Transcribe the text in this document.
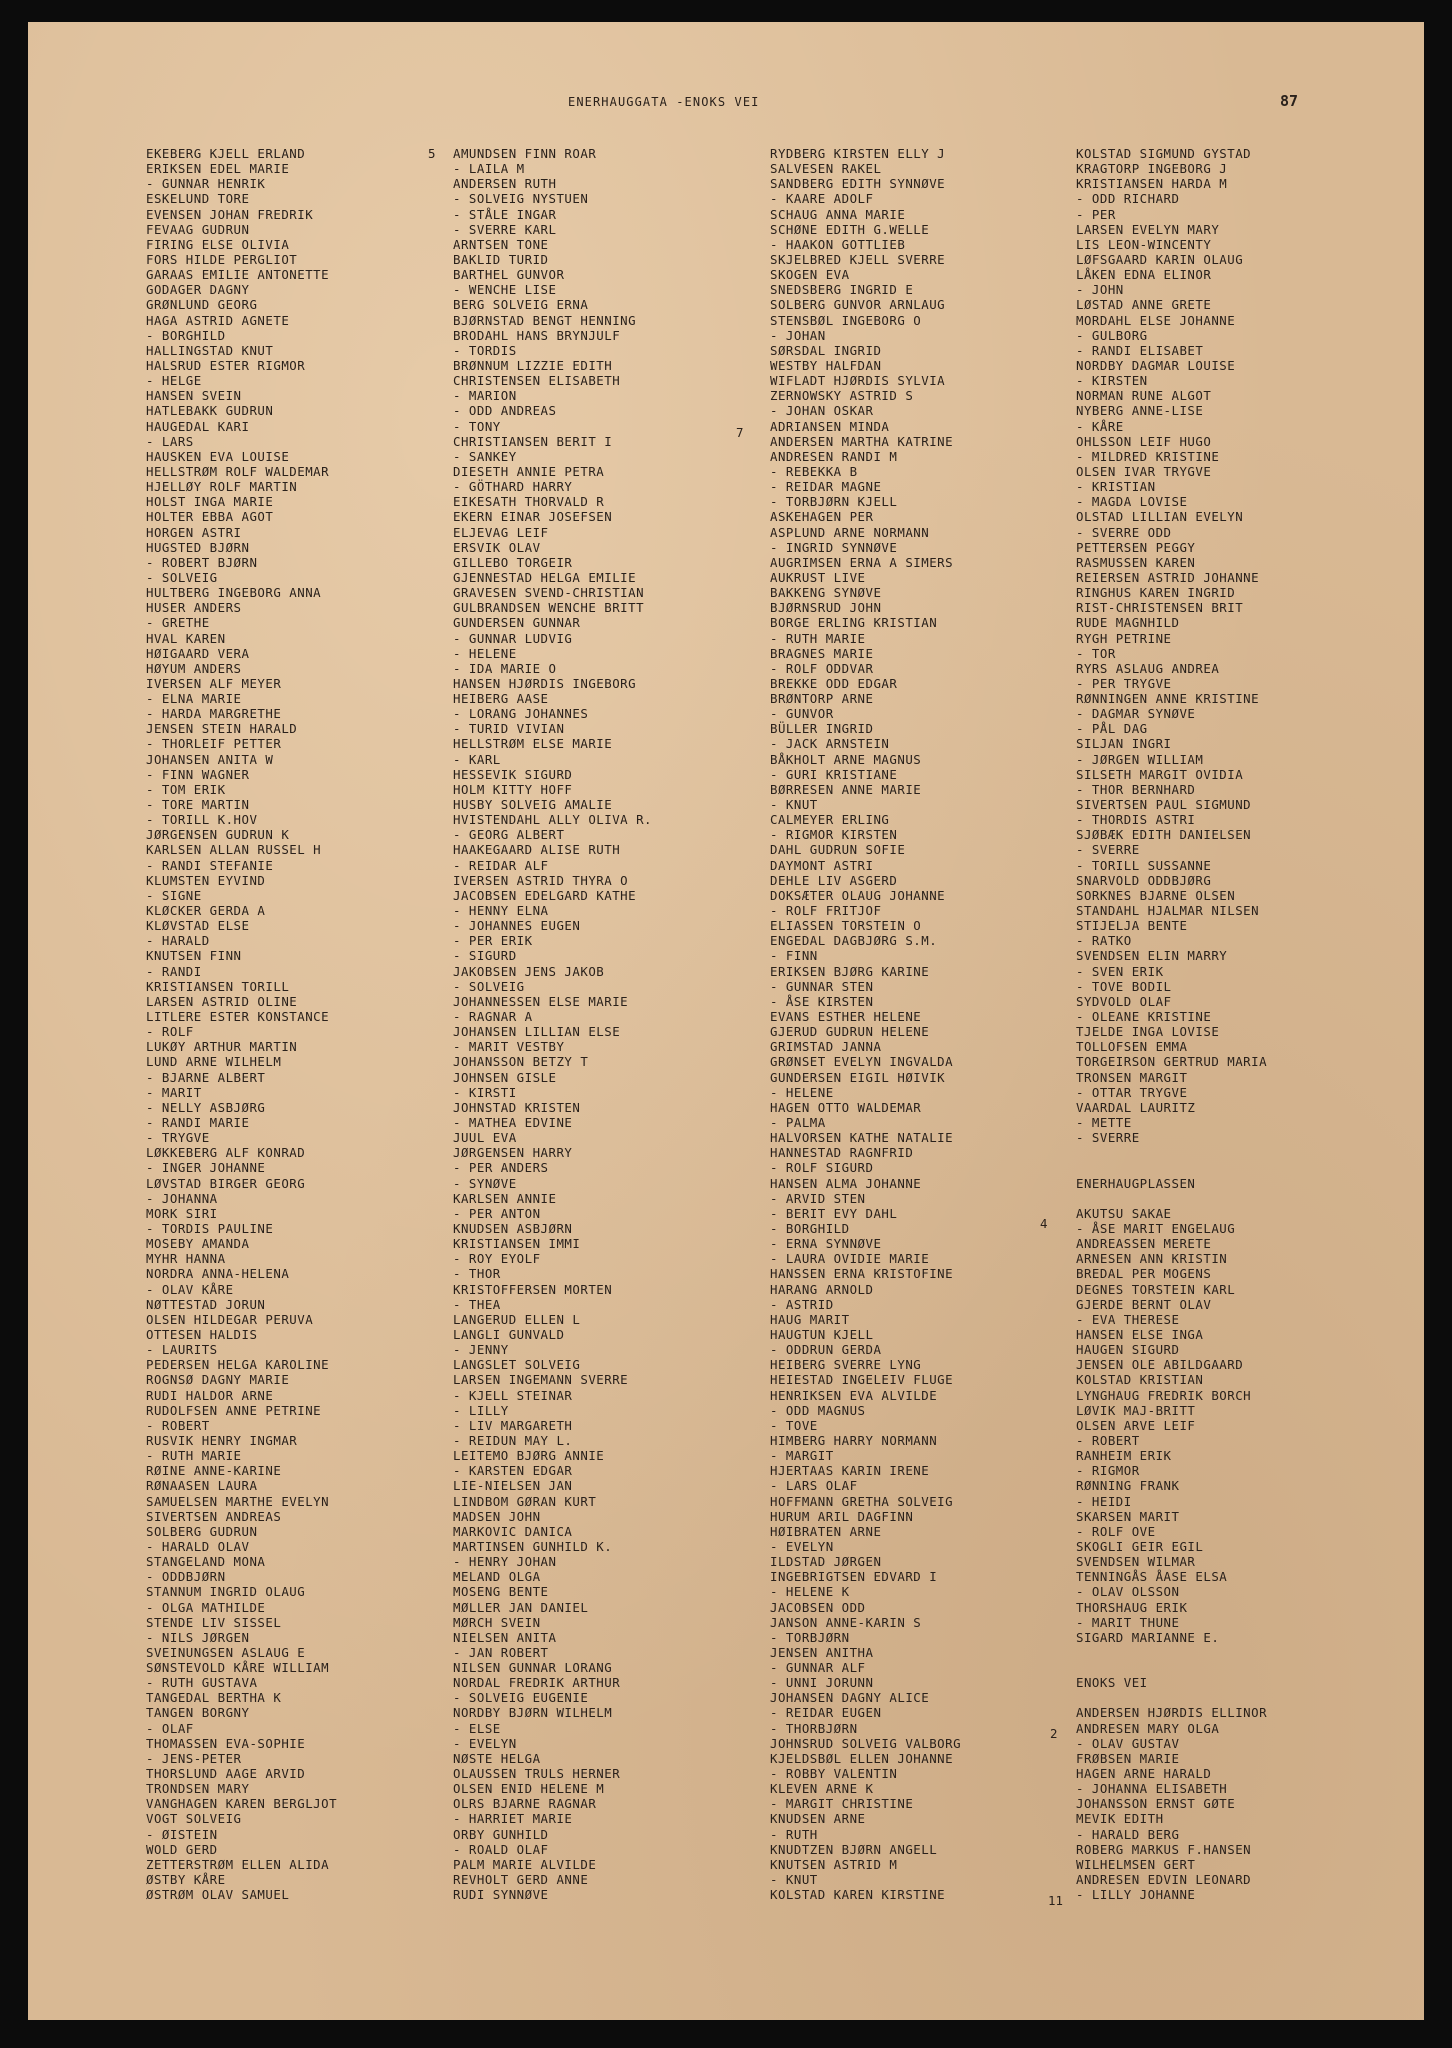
ENERHAUGGATA -ENOKS VEI	87
5
7
4
2
11
EKEBERG KJELL ERLAND
ERIKSEN EDEL MARIE
- GUNNAR HENRIK
ESKELUND TORE
EVENSEN JOHAN FREDRIK
FEVAAG GUDRUN
FIRING ELSE OLIVIA
FORS HILDE PERGLIOT
GARAAS EMILIE ANTONETTE
GODAGER DAGNY
GRØNLUND GEORG
HAGA ASTRID AGNETE
- BORGHILD
HALLINGSTAD KNUT
HALSRUD ESTER RIGMOR
- HELGE
HANSEN SVEIN
HATLEBAKK GUDRUN
HAUGEDAL KARI
- LARS
HAUSKEN EVA LOUISE
HELLSTRØM ROLF WALDEMAR
HJELLØY ROLF MARTIN
HOLST INGA MARIE
HOLTER EBBA AGOT
HORGEN ASTRI
HUGSTED BJØRN
- ROBERT BJØRN
- SOLVEIG
HULTBERG INGEBORG ANNA
HUSER ANDERS
- GRETHE
HVAL KAREN
HØIGAARD VERA
HØYUM ANDERS
IVERSEN ALF MEYER
- ELNA MARIE
- HARDA MARGRETHE
JENSEN STEIN HARALD
- THORLEIF PETTER
JOHANSEN ANITA W
- FINN WAGNER
- TOM ERIK
- TORE MARTIN
- TORILL K.HOV
JØRGENSEN GUDRUN K
KARLSEN ALLAN RUSSEL H
- RANDI STEFANIE
KLUMSTEN EYVIND
- SIGNE
KLØCKER GERDA A
KLØVSTAD ELSE
- HARALD
KNUTSEN FINN
- RANDI
KRISTIANSEN TORILL
LARSEN ASTRID OLINE
LITLERE ESTER KONSTANCE
- ROLF
LUKØY ARTHUR MARTIN
LUND ARNE WILHELM
- BJARNE ALBERT
- MARIT
- NELLY ASBJØRG
- RANDI MARIE
- TRYGVE
LØKKEBERG ALF KONRAD
- INGER JOHANNE
LØVSTAD BIRGER GEORG
- JOHANNA
MORK SIRI
- TORDIS PAULINE
MOSEBY AMANDA
MYHR HANNA
NORDRA ANNA-HELENA
- OLAV KÅRE
NØTTESTAD JORUN
OLSEN HILDEGAR PERUVA
OTTESEN HALDIS
- LAURITS
PEDERSEN HELGA KAROLINE
ROGNSØ DAGNY MARIE
RUDI HALDOR ARNE
RUDOLFSEN ANNE PETRINE
- ROBERT
RUSVIK HENRY INGMAR
- RUTH MARIE
RØINE ANNE-KARINE
RØNAASEN LAURA
SAMUELSEN MARTHE EVELYN
SIVERTSEN ANDREAS
SOLBERG GUDRUN
- HARALD OLAV
STANGELAND MONA
- ODDBJØRN
STANNUM INGRID OLAUG
- OLGA MATHILDE
STENDE LIV SISSEL
- NILS JØRGEN
SVEINUNGSEN ASLAUG E
SØNSTEVOLD KÅRE WILLIAM
- RUTH GUSTAVA
TANGEDAL BERTHA K
TANGEN BORGNY
- OLAF
THOMASSEN EVA-SOPHIE
- JENS-PETER
THORSLUND AAGE ARVID
TRONDSEN MARY
VANGHAGEN KAREN BERGLJOT
VOGT SOLVEIG
- ØISTEIN
WOLD GERD
ZETTERSTRØM ELLEN ALIDA
ØSTBY KÅRE
ØSTRØM OLAV SAMUEL
AMUNDSEN FINN ROAR
- LAILA M
ANDERSEN RUTH
- SOLVEIG NYSTUEN
- STÅLE INGAR
- SVERRE KARL
ARNTSEN TONE
BAKLID TURID
BARTHEL GUNVOR
- WENCHE LISE
BERG SOLVEIG ERNA
BJØRNSTAD BENGT HENNING
BRODAHL HANS BRYNJULF
- TORDIS
BRØNNUM LIZZIE EDITH
CHRISTENSEN ELISABETH
- MARION
- ODD ANDREAS
- TONY
CHRISTIANSEN BERIT I
- SANKEY
DIESETH ANNIE PETRA
- GÖTHARD HARRY
EIKESATH THORVALD R
EKERN EINAR JOSEFSEN
ELJEVAG LEIF
ERSVIK OLAV
GILLEBO TORGEIR
GJENNESTAD HELGA EMILIE
GRAVESEN SVEND-CHRISTIAN
GULBRANDSEN WENCHE BRITT
GUNDERSEN GUNNAR
- GUNNAR LUDVIG
- HELENE
- IDA MARIE O
HANSEN HJØRDIS INGEBORG
HEIBERG AASE
- LORANG JOHANNES
- TURID VIVIAN
HELLSTRØM ELSE MARIE
- KARL
HESSEVIK SIGURD
HOLM KITTY HOFF
HUSBY SOLVEIG AMALIE
HVISTENDAHL ALLY OLIVA R.
- GEORG ALBERT
HAAKEGAARD ALISE RUTH
- REIDAR ALF
IVERSEN ASTRID THYRA O
JACOBSEN EDELGARD KATHE
- HENNY ELNA
- JOHANNES EUGEN
- PER ERIK
- SIGURD
JAKOBSEN JENS JAKOB
- SOLVEIG
JOHANNESSEN ELSE MARIE
- RAGNAR A
JOHANSEN LILLIAN ELSE
- MARIT VESTBY
JOHANSSON BETZY T
JOHNSEN GISLE
- KIRSTI
JOHNSTAD KRISTEN
- MATHEA EDVINE
JUUL EVA
JØRGENSEN HARRY
- PER ANDERS
- SYNØVE
KARLSEN ANNIE
- PER ANTON
KNUDSEN ASBJØRN
KRISTIANSEN IMMI
- ROY EYOLF
- THOR
KRISTOFFERSEN MORTEN
- THEA
LANGERUD ELLEN L
LANGLI GUNVALD
- JENNY
LANGSLET SOLVEIG
LARSEN INGEMANN SVERRE
- KJELL STEINAR
- LILLY
- LIV MARGARETH
- REIDUN MAY L.
LEITEMO BJØRG ANNIE
- KARSTEN EDGAR
LIE-NIELSEN JAN
LINDBOM GØRAN KURT
MADSEN JOHN
MARKOVIC DANICA
MARTINSEN GUNHILD K.
- HENRY JOHAN
MELAND OLGA
MOSENG BENTE
MØLLER JAN DANIEL
MØRCH SVEIN
NIELSEN ANITA
- JAN ROBERT
NILSEN GUNNAR LORANG
NORDAL FREDRIK ARTHUR
- SOLVEIG EUGENIE
NORDBY BJØRN WILHELM
- ELSE
- EVELYN
NØSTE HELGA
OLAUSSEN TRULS HERNER
OLSEN ENID HELENE M
OLRS BJARNE RAGNAR
- HARRIET MARIE
ORBY GUNHILD
- ROALD OLAF
PALM MARIE ALVILDE
REVHOLT GERD ANNE
RUDI SYNNØVE
RYDBERG KIRSTEN ELLY J
SALVESEN RAKEL
SANDBERG EDITH SYNNØVE
- KAARE ADOLF
SCHAUG ANNA MARIE
SCHØNE EDITH G.WELLE
- HAAKON GOTTLIEB
SKJELBRED KJELL SVERRE
SKOGEN EVA
SNEDSBERG INGRID E
SOLBERG GUNVOR ARNLAUG
STENSBØL INGEBORG O
- JOHAN
SØRSDAL INGRID
WESTBY HALFDAN
WIFLADT HJØRDIS SYLVIA
ZERNOWSKY ASTRID S
- JOHAN OSKAR
ADRIANSEN MINDA
ANDERSEN MARTHA KATRINE
ANDRESEN RANDI M
- REBEKKA B
- REIDAR MAGNE
- TORBJØRN KJELL
ASKEHAGEN PER
ASPLUND ARNE NORMANN
- INGRID SYNNØVE
AUGRIMSEN ERNA A SIMERS
AUKRUST LIVE
BAKKENG SYNØVE
BJØRNSRUD JOHN
BORGE ERLING KRISTIAN
- RUTH MARIE
BRAGNES MARIE
- ROLF ODDVAR
BREKKE ODD EDGAR
BRØNTORP ARNE
- GUNVOR
BÜLLER INGRID
- JACK ARNSTEIN
BÅKHOLT ARNE MAGNUS
- GURI KRISTIANE
BØRRESEN ANNE MARIE
- KNUT
CALMEYER ERLING
- RIGMOR KIRSTEN
DAHL GUDRUN SOFIE
DAYMONT ASTRI
DEHLE LIV ASGERD
DOKSÆTER OLAUG JOHANNE
- ROLF FRITJOF
ELIASSEN TORSTEIN O
ENGEDAL DAGBJØRG S.M.
- FINN
ERIKSEN BJØRG KARINE
- GUNNAR STEN
- ÅSE KIRSTEN
EVANS ESTHER HELENE
GJERUD GUDRUN HELENE
GRIMSTAD JANNA
GRØNSET EVELYN INGVALDA
GUNDERSEN EIGIL HØIVIK
- HELENE
HAGEN OTTO WALDEMAR
- PALMA
HALVORSEN KATHE NATALIE
HANNESTAD RAGNFRID
- ROLF SIGURD
HANSEN ALMA JOHANNE
- ARVID STEN
- BERIT EVY DAHL
- BORGHILD
- ERNA SYNNØVE
- LAURA OVIDIE MARIE
HANSSEN ERNA KRISTOFINE
HARANG ARNOLD
- ASTRID
HAUG MARIT
HAUGTUN KJELL
- ODDRUN GERDA
HEIBERG SVERRE LYNG
HEIESTAD INGELEIV FLUGE
HENRIKSEN EVA ALVILDE
- ODD MAGNUS
- TOVE
HIMBERG HARRY NORMANN
- MARGIT
HJERTAAS KARIN IRENE
- LARS OLAF
HOFFMANN GRETHA SOLVEIG
HURUM ARIL DAGFINN
HØIBRATEN ARNE
- EVELYN
ILDSTAD JØRGEN
INGEBRIGTSEN EDVARD I
- HELENE K
JACOBSEN ODD
JANSON ANNE-KARIN S
- TORBJØRN
JENSEN ANITHA
- GUNNAR ALF
- UNNI JORUNN
JOHANSEN DAGNY ALICE
- REIDAR EUGEN
- THORBJØRN
JOHNSRUD SOLVEIG VALBORG
KJELDSBØL ELLEN JOHANNE
- ROBBY VALENTIN
KLEVEN ARNE K
- MARGIT CHRISTINE
KNUDSEN ARNE
- RUTH
KNUDTZEN BJØRN ANGELL
KNUTSEN ASTRID M
- KNUT
KOLSTAD KAREN KIRSTINE
KOLSTAD SIGMUND GYSTAD
KRAGTORP INGEBORG J
KRISTIANSEN HARDA M
- ODD RICHARD
- PER
LARSEN EVELYN MARY
LIS LEON-WINCENTY
LØFSGAARD KARIN OLAUG
LÅKEN EDNA ELINOR
- JOHN
LØSTAD ANNE GRETE
MORDAHL ELSE JOHANNE
- GULBORG
- RANDI ELISABET
NORDBY DAGMAR LOUISE
- KIRSTEN
NORMAN RUNE ALGOT
NYBERG ANNE-LISE
- KÅRE
OHLSSON LEIF HUGO
- MILDRED KRISTINE
OLSEN IVAR TRYGVE
- KRISTIAN
- MAGDA LOVISE
OLSTAD LILLIAN EVELYN
- SVERRE ODD
PETTERSEN PEGGY
RASMUSSEN KAREN
REIERSEN ASTRID JOHANNE
RINGHUS KAREN INGRID
RIST-CHRISTENSEN BRIT
RUDE MAGNHILD
RYGH PETRINE
- TOR
RYRS ASLAUG ANDREA
- PER TRYGVE
RØNNINGEN ANNE KRISTINE
- DAGMAR SYNØVE
- PÅL DAG
SILJAN INGRI
- JØRGEN WILLIAM
SILSETH MARGIT OVIDIA
- THOR BERNHARD
SIVERTSEN PAUL SIGMUND
- THORDIS ASTRI
SJØBÆK EDITH DANIELSEN
- SVERRE
- TORILL SUSSANNE
SNARVOLD ODDBJØRG
SORKNES BJARNE OLSEN
STANDAHL HJALMAR NILSEN
STIJELJA BENTE
- RATKO
SVENDSEN ELIN MARRY
- SVEN ERIK
- TOVE BODIL
SYDVOLD OLAF
- OLEANE KRISTINE
TJELDE INGA LOVISE
TOLLOFSEN EMMA
TORGEIRSON GERTRUD MARIA
TRONSEN MARGIT
- OTTAR TRYGVE
VAARDAL LAURITZ
- METTE
- SVERRE
ENERHAUGPLASSEN
AKUTSU SAKAE
- ÅSE MARIT ENGELAUG
ANDREASSEN MERETE
ARNESEN ANN KRISTIN
BREDAL PER MOGENS
DEGNES TORSTEIN KARL
GJERDE BERNT OLAV
- EVA THERESE
HANSEN ELSE INGA
HAUGEN SIGURD
JENSEN OLE ABILDGAARD
KOLSTAD KRISTIAN
LYNGHAUG FREDRIK BORCH
LØVIK MAJ-BRITT
OLSEN ARVE LEIF
- ROBERT
RANHEIM ERIK
- RIGMOR
RØNNING FRANK
- HEIDI
SKARSEN MARIT
- ROLF OVE
SKOGLI GEIR EGIL
SVENDSEN WILMAR
TENNINGÅS ÅASE ELSA
- OLAV OLSSON
THORSHAUG ERIK
- MARIT THUNE
SIGARD MARIANNE E.
ENOKS VEI
ANDERSEN HJØRDIS ELLINOR
ANDRESEN MARY OLGA
- OLAV GUSTAV
FRØBSEN MARIE
HAGEN ARNE HARALD
- JOHANNA ELISABETH
JOHANSSON ERNST GØTE
MEVIK EDITH
- HARALD BERG
ROBERG MARKUS F.HANSEN
WILHELMSEN GERT
ANDRESEN EDVIN LEONARD
- LILLY JOHANNE
